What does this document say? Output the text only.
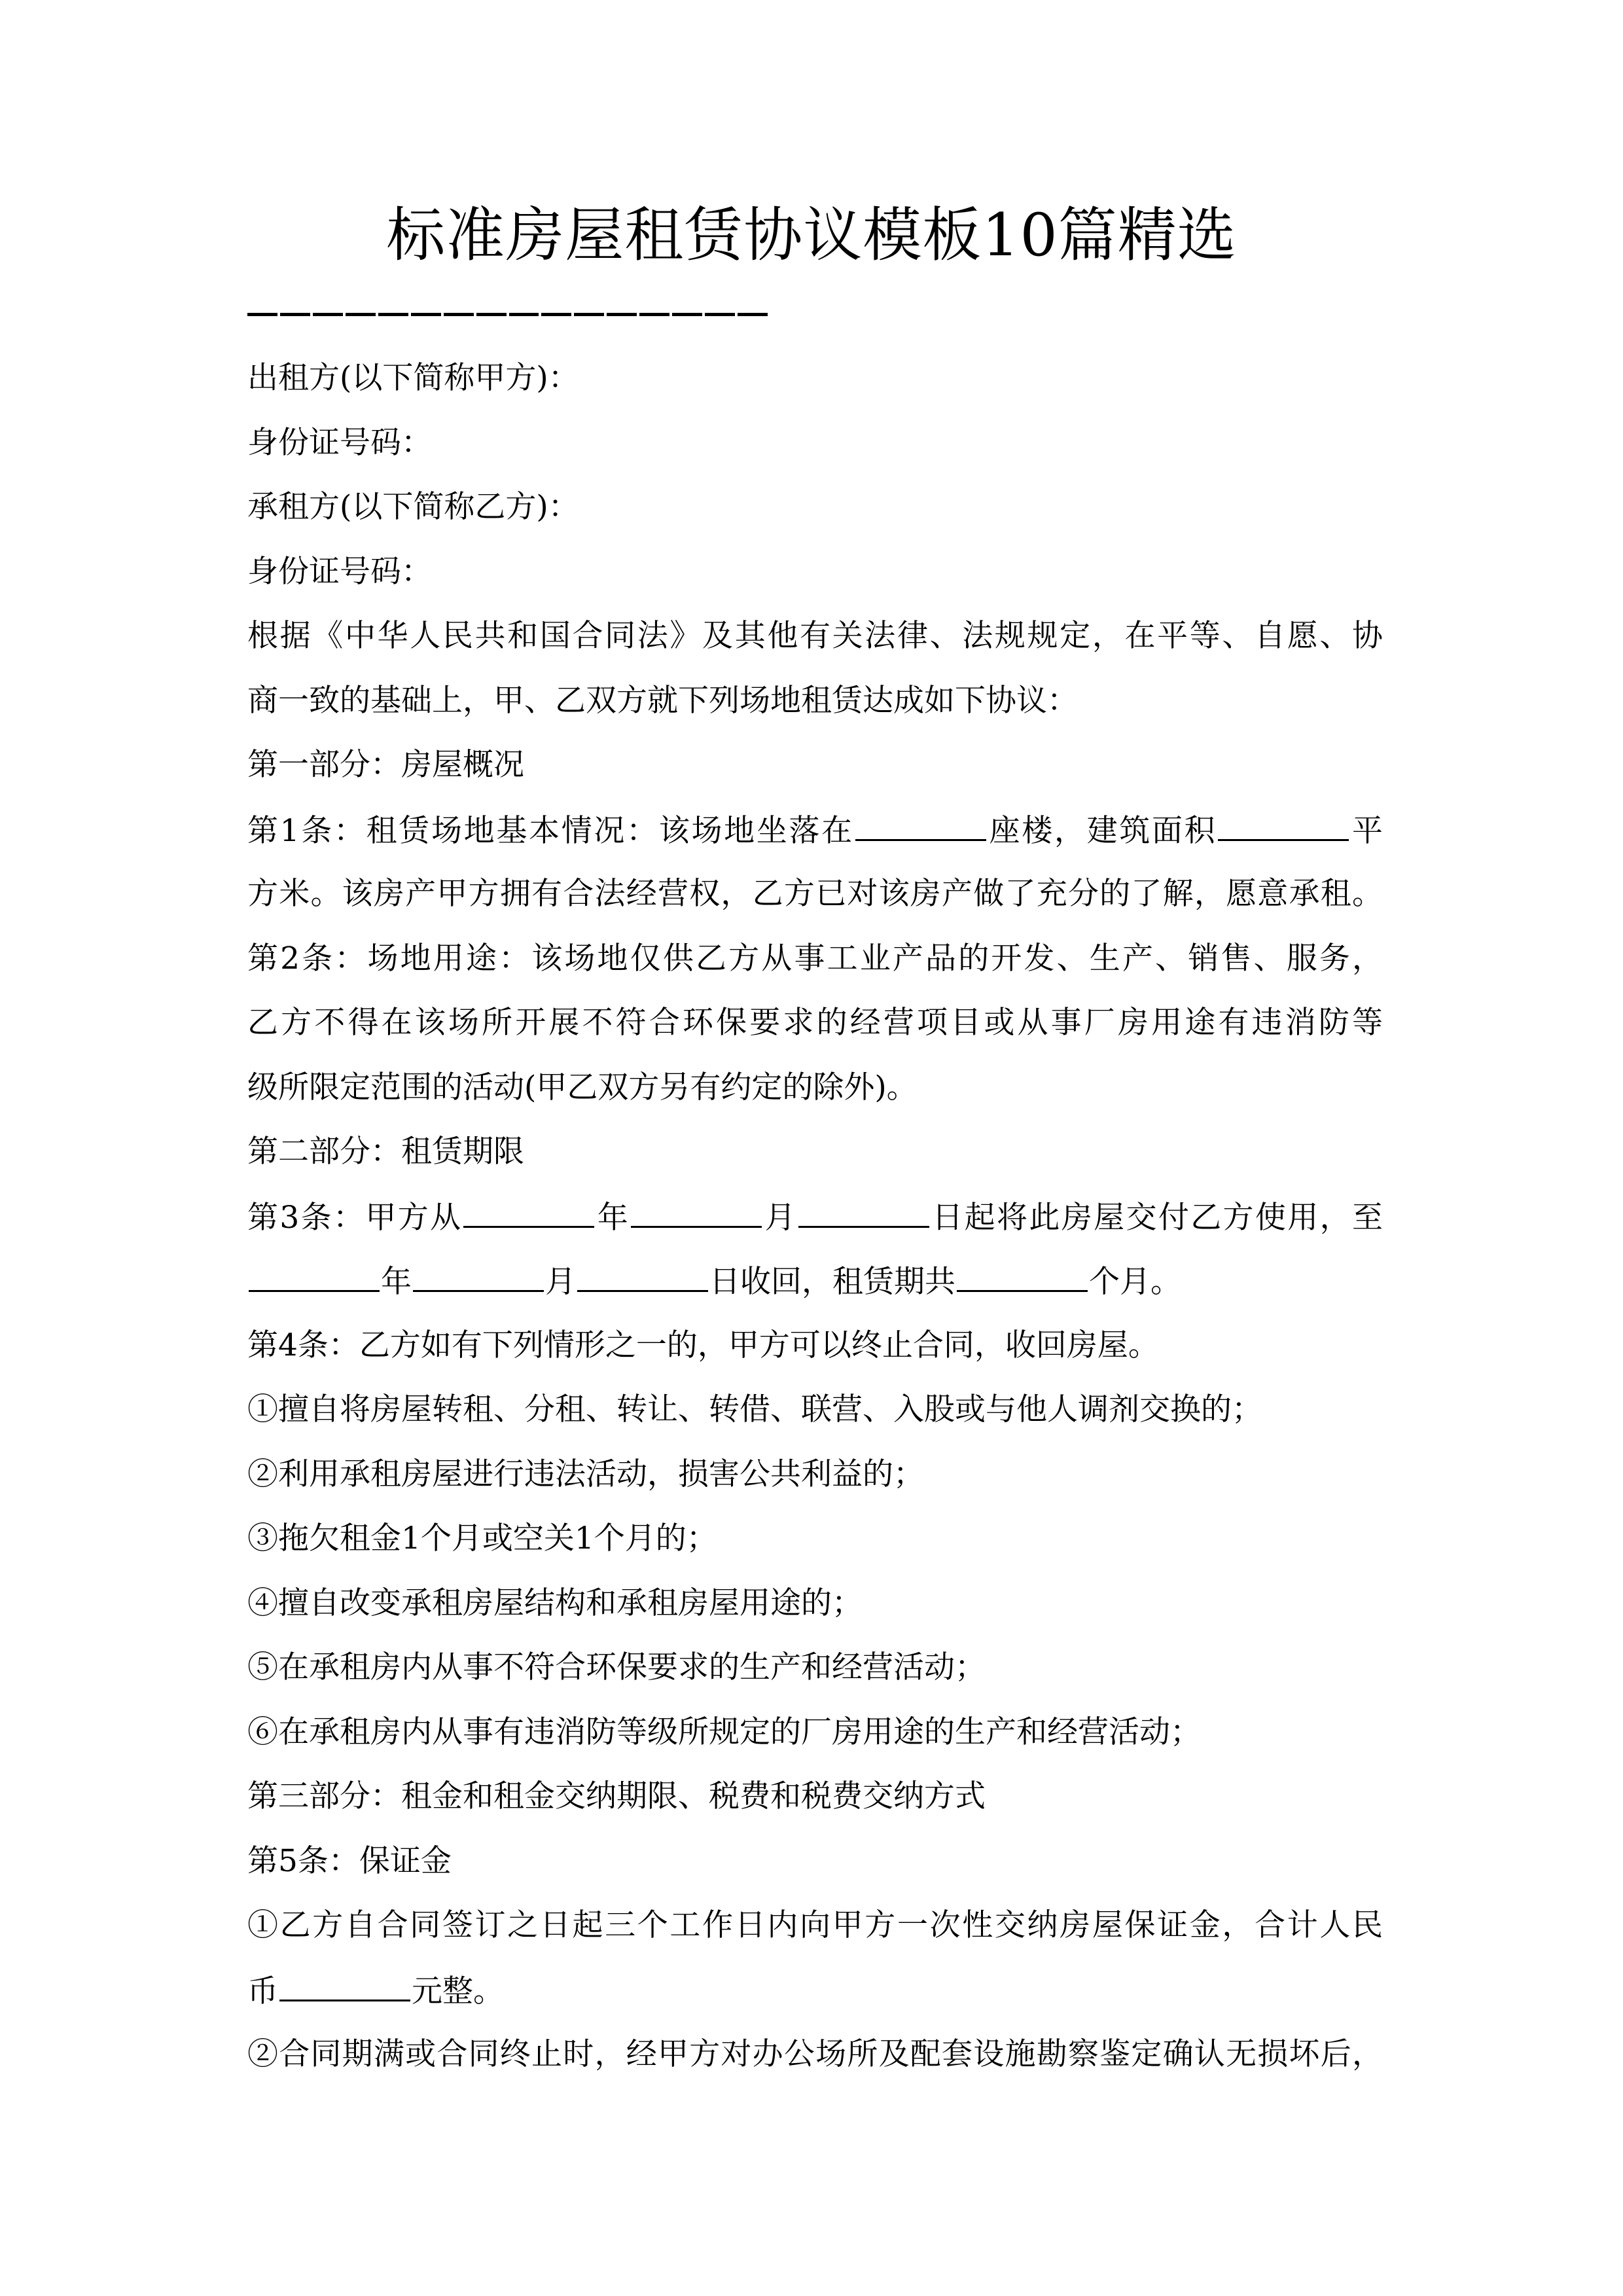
标准房屋租赁协议模板10篇精选
出租方(以下简称甲方)：
身份证号码：
承租方(以下简称乙方)：
身份证号码：
根据《中华人民共和国合同法》及其他有关法律、法规规定，在平等、自愿、协
商一致的基础上，甲、乙双方就下列场地租赁达成如下协议：
第一部分：房屋概况
第1条：租赁场地基本情况：该场地坐落在	座楼，建筑面积	平
方米。该房产甲方拥有合法经营权，乙方已对该房产做了充分的了解，愿意承租。
第2条：场地用途：该场地仅供乙方从事工业产品的开发、生产、销售、服务，
乙方不得在该场所开展不符合环保要求的经营项目或从事厂房用途有违消防等
级所限定范围的活动(甲乙双方另有约定的除外)。
第二部分：租赁期限
第3条：甲方从	年	月	日起将此房屋交付乙方使用，至
年	月	日收回，租赁期共	个月。
第4条：乙方如有下列情形之一的，甲方可以终止合同，收回房屋。
①擅自将房屋转租、分租、转让、转借、联营、入股或与他人调剂交换的；
②利用承租房屋进行违法活动，损害公共利益的；
③拖欠租金1个月或空关1个月的；
④擅自改变承租房屋结构和承租房屋用途的；
⑤在承租房内从事不符合环保要求的生产和经营活动；
⑥在承租房内从事有违消防等级所规定的厂房用途的生产和经营活动；
第三部分：租金和租金交纳期限、税费和税费交纳方式
第5条：保证金
①乙方自合同签订之日起三个工作日内向甲方一次性交纳房屋保证金，合计人民
币	元整。
②合同期满或合同终止时，经甲方对办公场所及配套设施勘察鉴定确认无损坏后，
